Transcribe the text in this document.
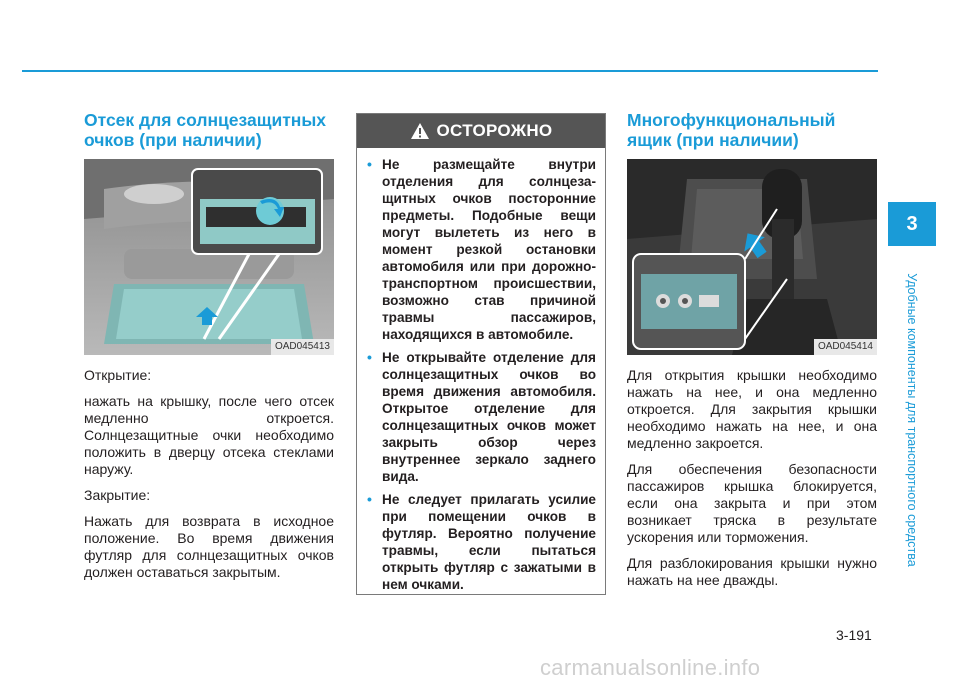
Отсек для солнцезащитных очков (при наличии)
OAD045413

Открытие:

нажать на крышку, после чего отсек медленно откроется. Солнцезащитные очки необходимо положить в дверцу отсека стеклами наружу.

Закрытие:

Нажать для возврата в исходное положение. Во время движения футляр для солнцезащитных очков должен оставаться закрытым.

ОСТОРОЖНО
• Не размещайте внутри отделения для солнцеза-щитных очков посторонние предметы. Подобные вещи могут вылететь из него в момент резкой остановки автомобиля или при дорожно-транспортном происшествии, возможно став причиной травмы пассажиров, находящихся в автомобиле.
• Не открывайте отделение для солнцезащитных очков во время движения автомобиля. Открытое отделение для солнцезащитных очков может закрыть обзор через внутреннее зеркало заднего вида.
• Не следует прилагать усилие при помещении очков в футляр. Вероятно получение травмы, если пытаться открыть футляр с зажатыми в нем очками.
Многофункциональный ящик (при наличии)
OAD045414

Для открытия крышки необходимо нажать на нее, и она медленно откроется. Для закрытия крышки необходимо нажать на нее, и она медленно закроется.

Для обеспечения безопасности пассажиров крышка блокируется, если она закрыта и при этом возникает тряска в результате ускорения или торможения.

Для разблокирования крышки нужно нажать на нее дважды.

3
Удобные компоненты для транспортного средства
3-191
carmanualsonline.info
